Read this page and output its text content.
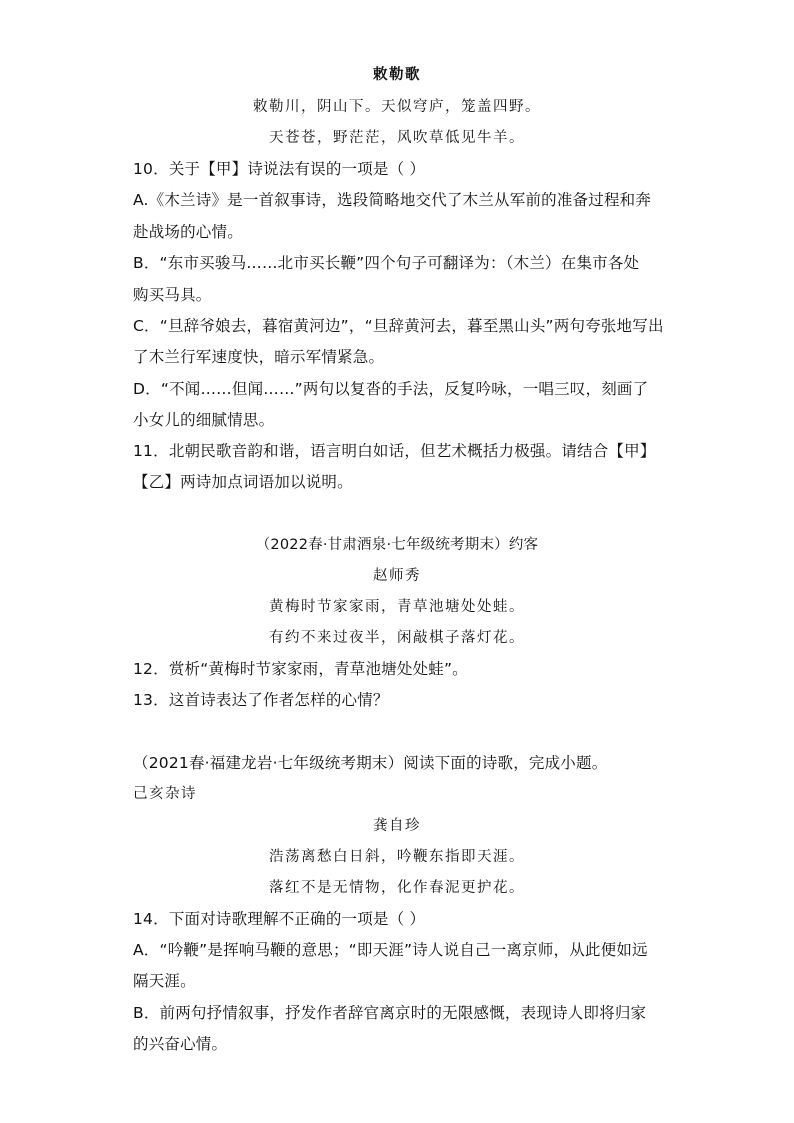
敕勒歌
敕勒川，阴山下。天似穹庐，笼盖四野。
天苍苍，野茫茫，风吹草低见牛羊。
10．关于【甲】诗说法有误的一项是（ ）
A.《木兰诗》是一首叙事诗，选段简略地交代了木兰从军前的准备过程和奔
赴战场的心情。
B．“东市买骏马……北市买长鞭”四个句子可翻译为：（木兰）在集市各处
购买马具。
C．“旦辞爷娘去，暮宿黄河边”，“旦辞黄河去，暮至黑山头”两句夸张地写出
了木兰行军速度快，暗示军情紧急。
D．“不闻……但闻……”两句以复沓的手法，反复吟咏，一唱三叹，刻画了
小女儿的细腻情思。
11．北朝民歌音韵和谐，语言明白如话，但艺术概括力极强。请结合【甲】
【乙】两诗加点词语加以说明。
（2022春·甘肃酒泉·七年级统考期末）约客
赵师秀
黄梅时节家家雨，青草池塘处处蛙。
有约不来过夜半，闲敲棋子落灯花。
12．赏析“黄梅时节家家雨，青草池塘处处蛙”。
13．这首诗表达了作者怎样的心情？
（2021春·福建龙岩·七年级统考期末）阅读下面的诗歌，完成小题。
己亥杂诗
龚自珍
浩荡离愁白日斜，吟鞭东指即天涯。
落红不是无情物，化作春泥更护花。
14．下面对诗歌理解不正确的一项是（ ）
A．“吟鞭”是挥响马鞭的意思；“即天涯”诗人说自己一离京师，从此便如远
隔天涯。
B．前两句抒情叙事，抒发作者辞官离京时的无限感慨，表现诗人即将归家
的兴奋心情。
